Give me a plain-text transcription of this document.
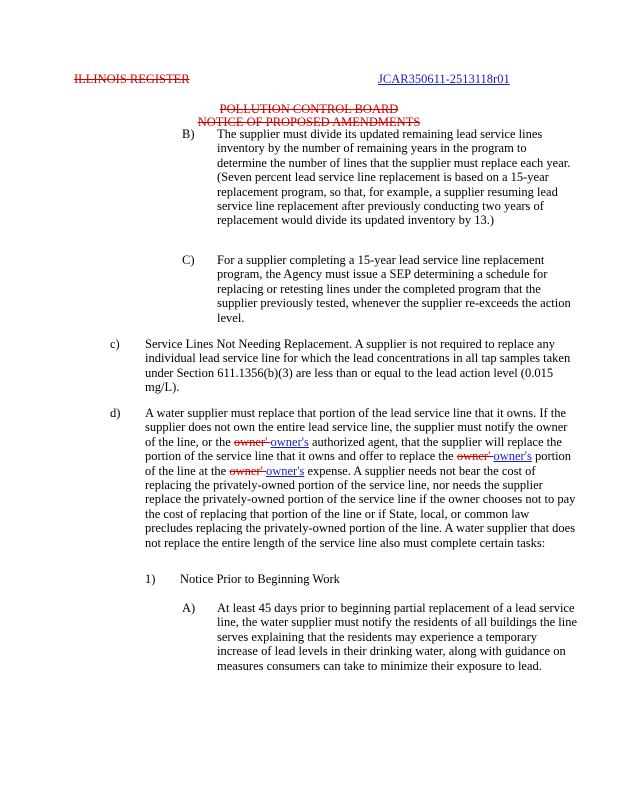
ILLINOIS REGISTER	JCAR350611-2513118r01
POLLUTION CONTROL BOARD
NOTICE OF PROPOSED AMENDMENTS
B) The supplier must divide its updated remaining lead service lines inventory by the number of remaining years in the program to determine the number of lines that the supplier must replace each year. (Seven percent lead service line replacement is based on a 15-year replacement program, so that, for example, a supplier resuming lead service line replacement after previously conducting two years of replacement would divide its updated inventory by 13.)
C) For a supplier completing a 15-year lead service line replacement program, the Agency must issue a SEP determining a schedule for replacing or retesting lines under the completed program that the supplier previously tested, whenever the supplier re-exceeds the action level.
c) Service Lines Not Needing Replacement. A supplier is not required to replace any individual lead service line for which the lead concentrations in all tap samples taken under Section 611.1356(b)(3) are less than or equal to the lead action level (0.015 mg/L).
d) A water supplier must replace that portion of the lead service line that it owns. If the supplier does not own the entire lead service line, the supplier must notify the owner of the line, or the owner' owner's authorized agent, that the supplier will replace the portion of the service line that it owns and offer to replace the owner' owner's portion of the line at the owner' owner's expense. A supplier needs not bear the cost of replacing the privately-owned portion of the service line, nor needs the supplier replace the privately-owned portion of the service line if the owner chooses not to pay the cost of replacing that portion of the line or if State, local, or common law precludes replacing the privately-owned portion of the line. A water supplier that does not replace the entire length of the service line also must complete certain tasks:
1) Notice Prior to Beginning Work
A) At least 45 days prior to beginning partial replacement of a lead service line, the water supplier must notify the residents of all buildings the line serves explaining that the residents may experience a temporary increase of lead levels in their drinking water, along with guidance on measures consumers can take to minimize their exposure to lead.
